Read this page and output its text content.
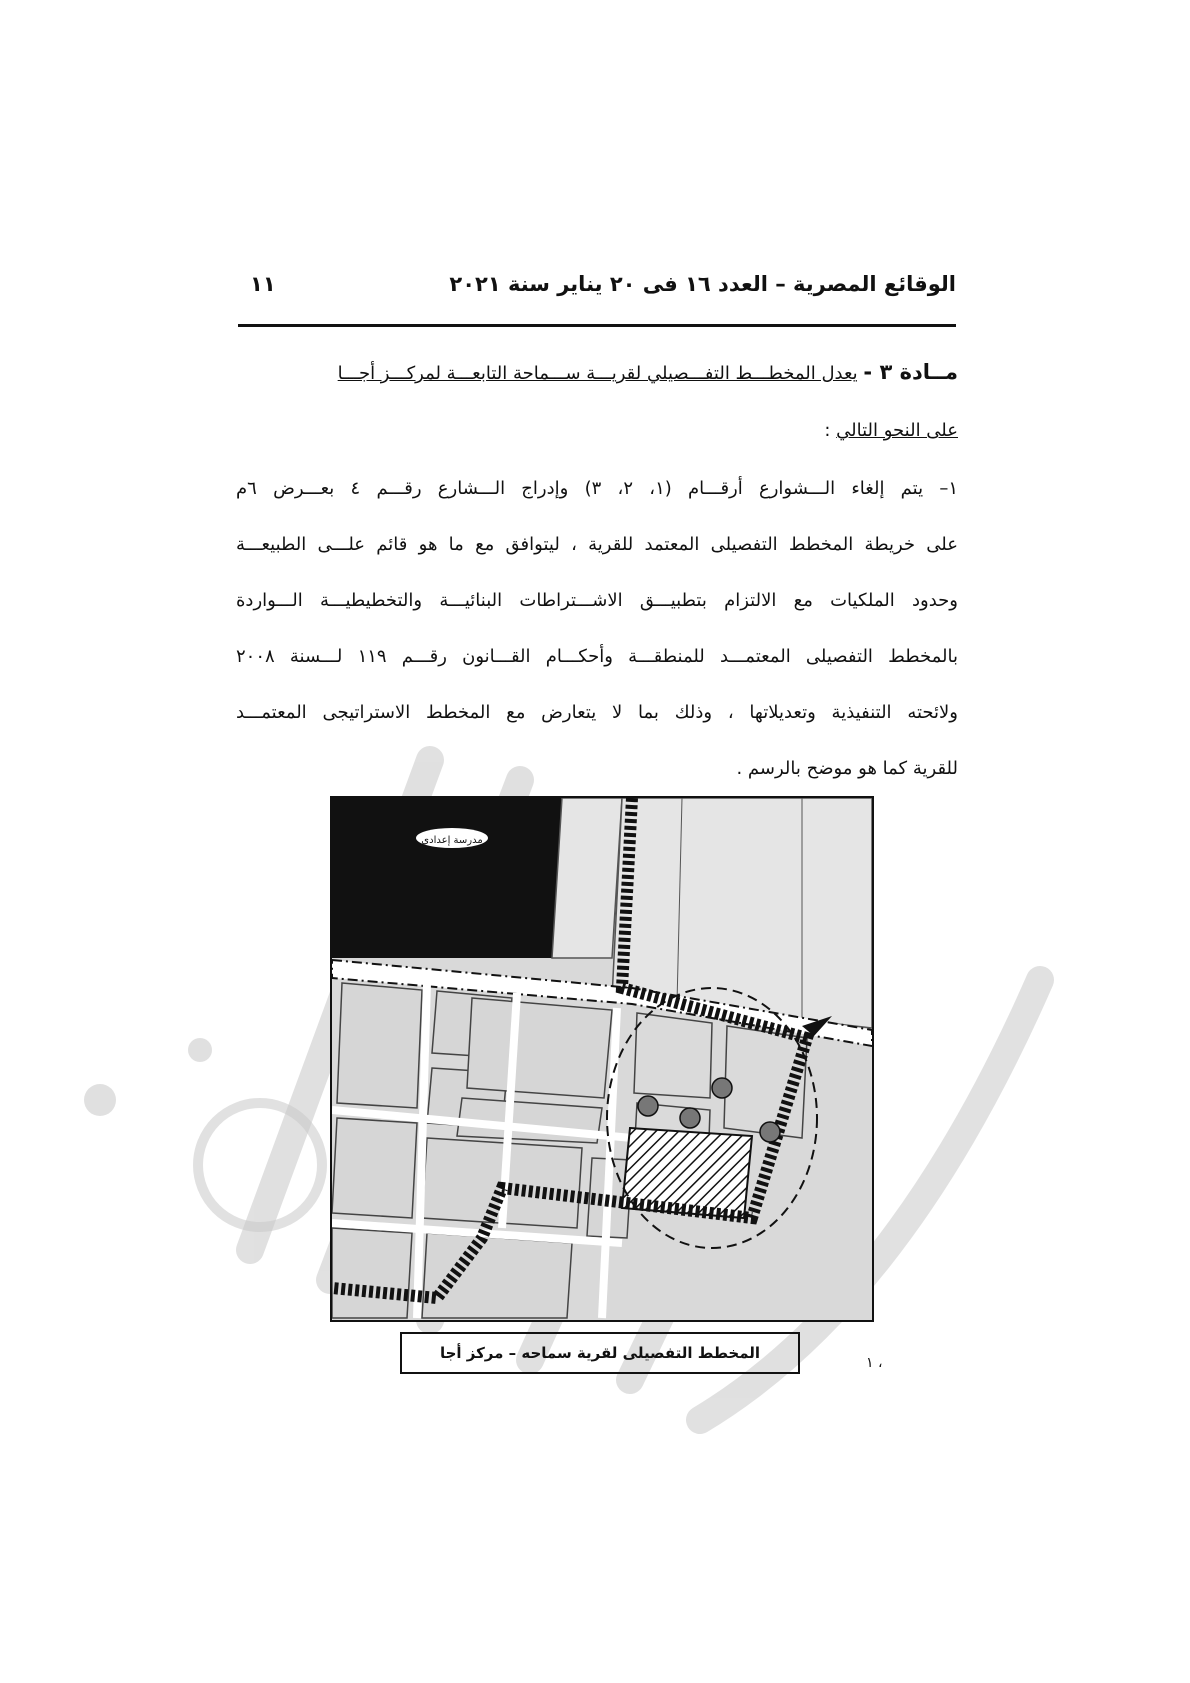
الوقائع المصرية – العدد ١٦ فى ٢٠ يناير سنة ٢٠٢١
١١
مــادة ٣ - يعدل المخطـــط التفـــصيلي لقريـــة ســـماحة التابعـــة لمركـــز أجـــا
على النحو التالي :
١– يتم إلغاء الـــشوارع أرقـــام (١، ٢، ٣) وإدراج الـــشارع رقـــم ٤ بعـــرض ٦م
على خريطة المخطط التفصيلى المعتمد للقرية ، ليتوافق مع ما هو قائم علـــى الطبيعـــة
وحدود الملكيات مع الالتزام بتطبيـــق الاشـــتراطات البنائيـــة والتخطيطيـــة الـــواردة
بالمخطط التفصيلى المعتمـــد للمنطقـــة وأحكـــام القـــانون رقـــم ١١٩ لـــسنة ٢٠٠٨
ولائحته التنفيذية وتعديلاتها ، وذلك بما لا يتعارض مع المخطط الاستراتيجى المعتمـــد
للقرية كما هو موضح بالرسم .
مدرسة إعدادى
المخطط التفصيلى لقرية سماحه – مركز أجا
١ ،
